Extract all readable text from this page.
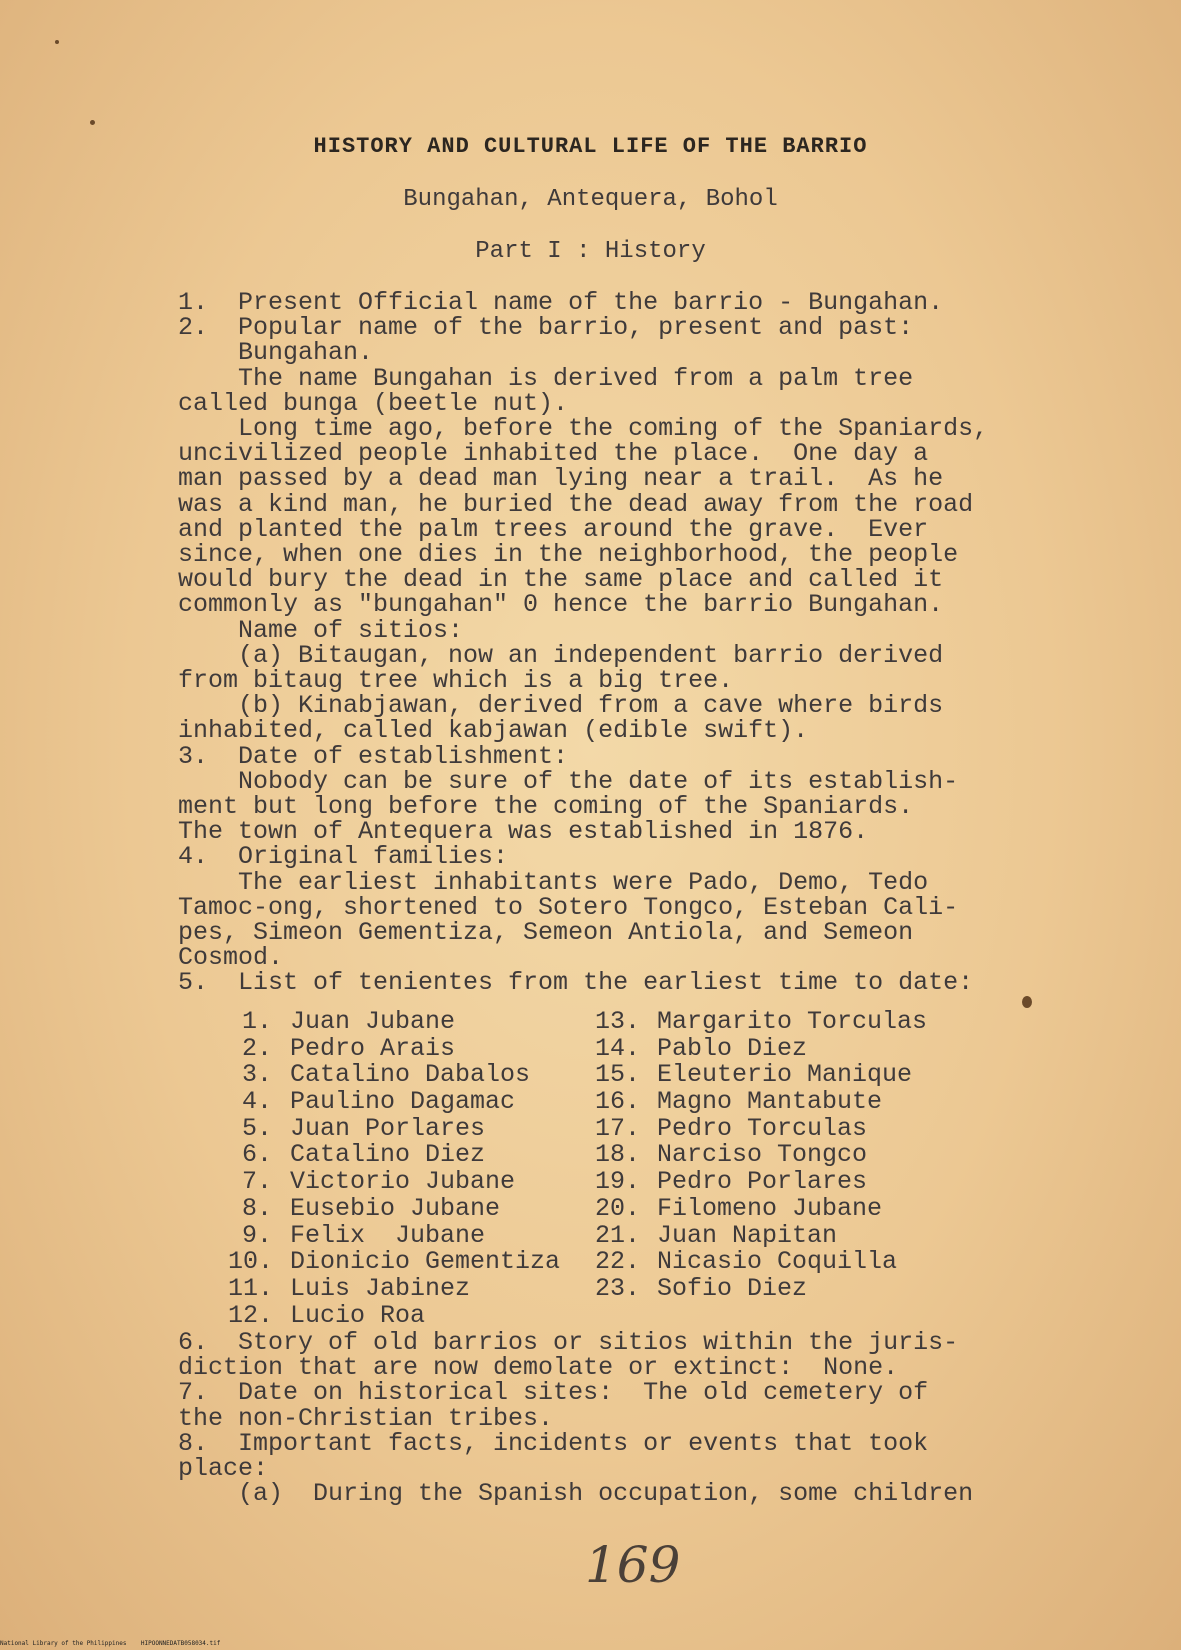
HISTORY AND CULTURAL LIFE OF THE BARRIO
Bungahan, Antequera, Bohol
Part I : History
1.  Present Official name of the barrio - Bungahan.
2.  Popular name of the barrio, present and past:
Bungahan.
The name Bungahan is derived from a palm tree
called bunga (beetle nut).
Long time ago, before the coming of the Spaniards,
uncivilized people inhabited the place.  One day a
man passed by a dead man lying near a trail.  As he
was a kind man, he buried the dead away from the road
and planted the palm trees around the grave.  Ever
since, when one dies in the neighborhood, the people
would bury the dead in the same place and called it
commonly as "bungahan" 0 hence the barrio Bungahan.
Name of sitios:
(a) Bitaugan, now an independent barrio derived
from bitaug tree which is a big tree.
(b) Kinabjawan, derived from a cave where birds
inhabited, called kabjawan (edible swift).
3.  Date of establishment:
Nobody can be sure of the date of its establish-
ment but long before the coming of the Spaniards.
The town of Antequera was established in 1876.
4.  Original families:
The earliest inhabitants were Pado, Demo, Tedo
Tamoc-ong, shortened to Sotero Tongco, Esteban Cali-
pes, Simeon Gementiza, Semeon Antiola, and Semeon
Cosmod.
5.  List of tenientes from the earliest time to date:
1. Juan Jubane
2. Pedro Arais
3. Catalino Dabalos
4. Paulino Dagamac
5. Juan Porlares
6. Catalino Diez
7. Victorio Jubane
8. Eusebio Jubane
9. Felix  Jubane
10. Dionicio Gementiza
11. Luis Jabinez
12. Lucio Roa
13. Margarito Torculas
14. Pablo Diez
15. Eleuterio Manique
16. Magno Mantabute
17. Pedro Torculas
18. Narciso Tongco
19. Pedro Porlares
20. Filomeno Jubane
21. Juan Napitan
22. Nicasio Coquilla
23. Sofio Diez
6.  Story of old barrios or sitios within the juris-
diction that are now demolate or extinct:  None.
7.  Date on historical sites:  The old cemetery of
the non-Christian tribes.
8.  Important facts, incidents or events that took
place:
(a)  During the Spanish occupation, some children
169
National Library of the Philippines    HIPOONNEDATB058034.tif
